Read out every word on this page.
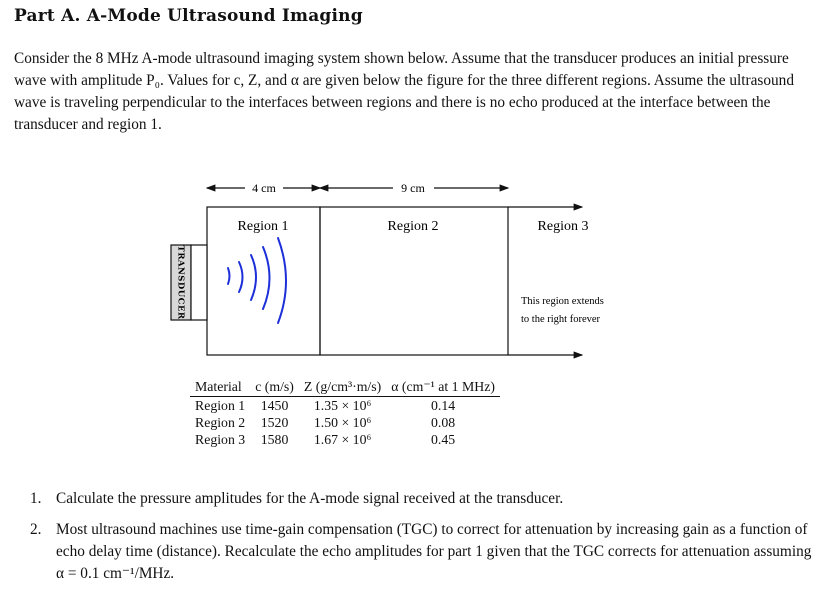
Part A. A-Mode Ultrasound Imaging

Consider the 8 MHz A-mode ultrasound imaging system shown below. Assume that the transducer produces an initial pressure wave with amplitude P₀. Values for c, Z, and α are given below the figure for the three different regions. Assume the ultrasound wave is traveling perpendicular to the interfaces between regions and there is no echo produced at the interface between the transducer and region 1.

4 cm	9 cm
Region 1	Region 2	Region 3
This region extends
to the right forever
TRANSDUCER
Material	c (m/s)	Z (g/cm³·m/s)	α (cm⁻¹ at 1 MHz)
Region 1	1450	1.35 × 10⁶	0.14
Region 2	1520	1.50 × 10⁶	0.08
Region 3	1580	1.67 × 10⁶	0.45
1. Calculate the pressure amplitudes for the A-mode signal received at the transducer.
2. Most ultrasound machines use time-gain compensation (TGC) to correct for attenuation by increasing gain as a function of echo delay time (distance). Recalculate the echo amplitudes for part 1 given that the TGC corrects for attenuation assuming α = 0.1 cm⁻¹/MHz.
